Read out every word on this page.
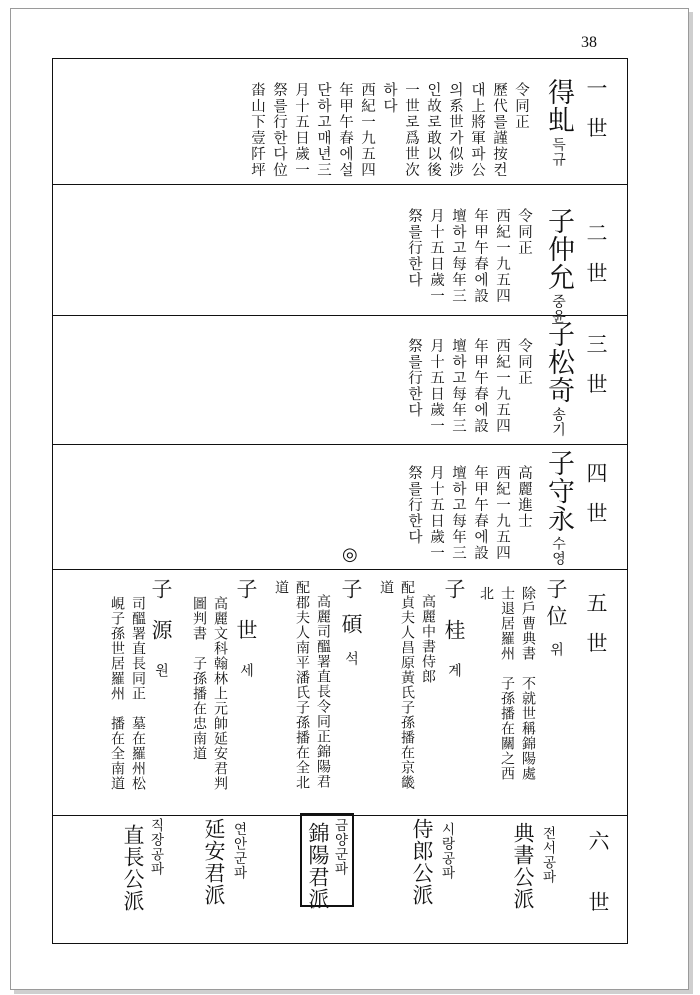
38
一世
得虬득규
令同正
歷代를謹按컨
대上將軍파公
의系世가似涉
인故로敢以後
一世로爲世次
하다
西紀一九五四
年甲午春에설
단하고매년三
月十五日歲一
祭를行한다位
畓山下壹阡坪
二世
子仲允중윤
令同正
西紀一九五四
年甲午春에設
壇하고每年三
月十五日歲一
祭를行한다
三世
子松奇송기
令同正
西紀一九五四
年甲午春에設
壇하고每年三
月十五日歲一
祭를行한다
四世
子守永수영
高麗進士
西紀一九五四
年甲午春에設
壇하고每年三
月十五日歲一
祭를行한다
◎
五世
子位위
除戶曹典書　不就世稱錦陽處
士退居羅州　子孫播在關之西
北
子桂계
高麗中書侍郎
配貞夫人昌原黃氏子孫播在京畿
道
子碩석
高麗司醞署直長令同正錦陽君
配郡夫人南平潘氏子孫播在全北
道
子世세
高麗文科翰林上元帥延安君判
圖判書　子孫播在忠南道
子源원
司醞署直長同正　墓在羅州松
峴子孫世居羅州　播在全南道
六世
典書公派 전서공파
侍郎公派 시랑공파
錦陽君派 금양군파
延安君派 연안군파
直長公派 직장공파
